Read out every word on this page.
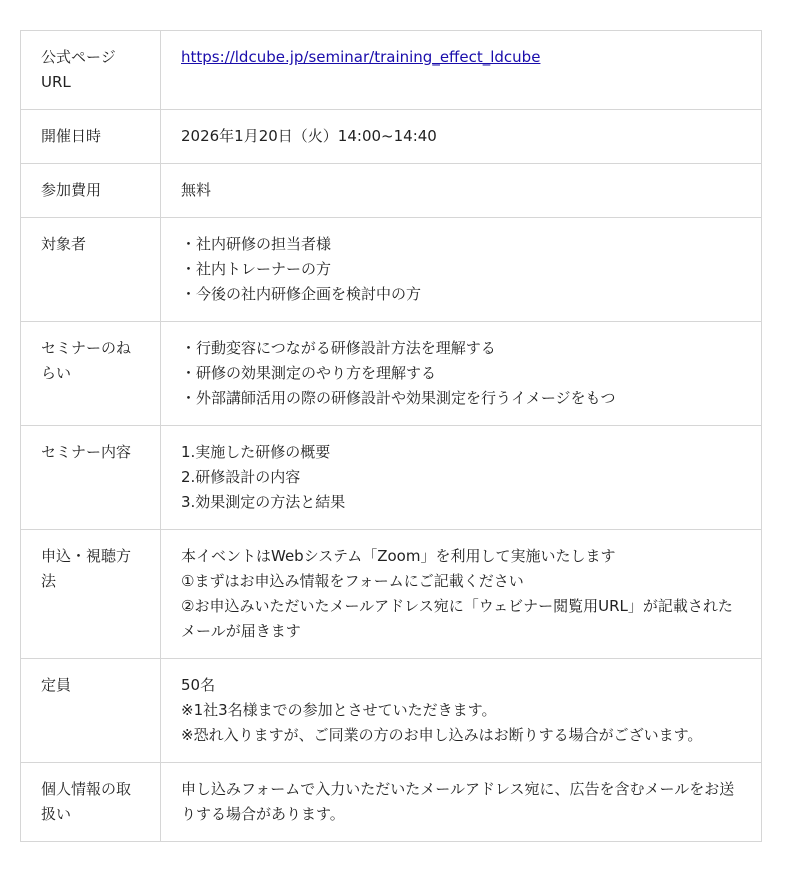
公式ページURL	https://ldcube.jp/seminar/training_effect_ldcube
開催日時	2026年1月20日（火）14:00~14:40

参加費用	無料

対象者	・社内研修の担当者様
・社内トレーナーの方
・今後の社内研修企画を検討中の方

セミナーのねらい	・行動変容につながる研修設計方法を理解する
・研修の効果測定のやり方を理解する
・外部講師活用の際の研修設計や効果測定を行うイメージをもつ

セミナー内容	1.実施した研修の概要
2.研修設計の内容
3.効果測定の方法と結果

申込・視聴方法	本イベントはWebシステム「Zoom」を利用して実施いたします
①まずはお申込み情報をフォームにご記載ください
②お申込みいただいたメールアドレス宛に「ウェビナー閲覧用URL」が記載されたメールが届きます

定員	50名
※1社3名様までの参加とさせていただきます。
※恐れ入りますが、ご同業の方のお申し込みはお断りする場合がございます。

個人情報の取扱い	申し込みフォームで入力いただいたメールアドレス宛に、広告を含むメールをお送りする場合があります。
